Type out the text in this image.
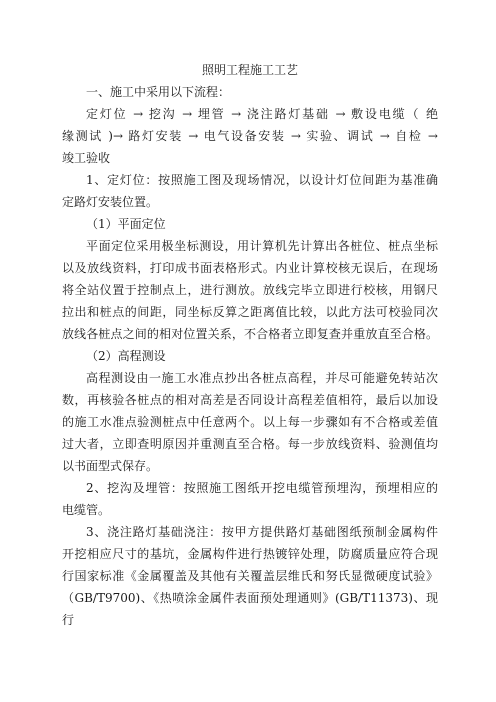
照明工程施工工艺
一、施工中采用以下流程：
定灯位 → 挖沟 → 埋管 → 浇注路灯基础 → 敷设电缆（ 绝
缘测试 )→ 路灯安装 → 电气设备安装 → 实验、调试 → 自检 →
竣工验收
1、定灯位：按照施工图及现场情况，以设计灯位间距为基准确
定路灯安装位置。
（1）平面定位
平面定位采用极坐标测设，用计算机先计算出各桩位、桩点坐标
以及放线资料，打印成书面表格形式。内业计算校核无误后，在现场
将全站仪置于控制点上，进行测放。放线完毕立即进行校核，用钢尺
拉出和桩点的间距，同坐标反算之距离值比较，以此方法可校验同次
放线各桩点之间的相对位置关系，不合格者立即复查并重放直至合格。
（2）高程测设
高程测设由一施工水准点抄出各桩点高程，并尽可能避免转站次
数，再核验各桩点的相对高差是否同设计高程差值相符，最后以加设
的施工水准点验测桩点中任意两个。以上每一步骤如有不合格或差值
过大者，立即查明原因并重测直至合格。每一步放线资料、验测值均
以书面型式保存。
2、挖沟及埋管：按照施工图纸开挖电缆管预埋沟，预埋相应的
电缆管。
3、浇注路灯基础浇注：按甲方提供路灯基础图纸预制金属构件
开挖相应尺寸的基坑，金属构件进行热镀锌处理，防腐质量应符合现
行国家标准《金属覆盖及其他有关覆盖层维氏和努氏显微硬度试验》
（GB/T9700)、《热喷涂金属件表面预处理通则》(GB/T11373)、现行
